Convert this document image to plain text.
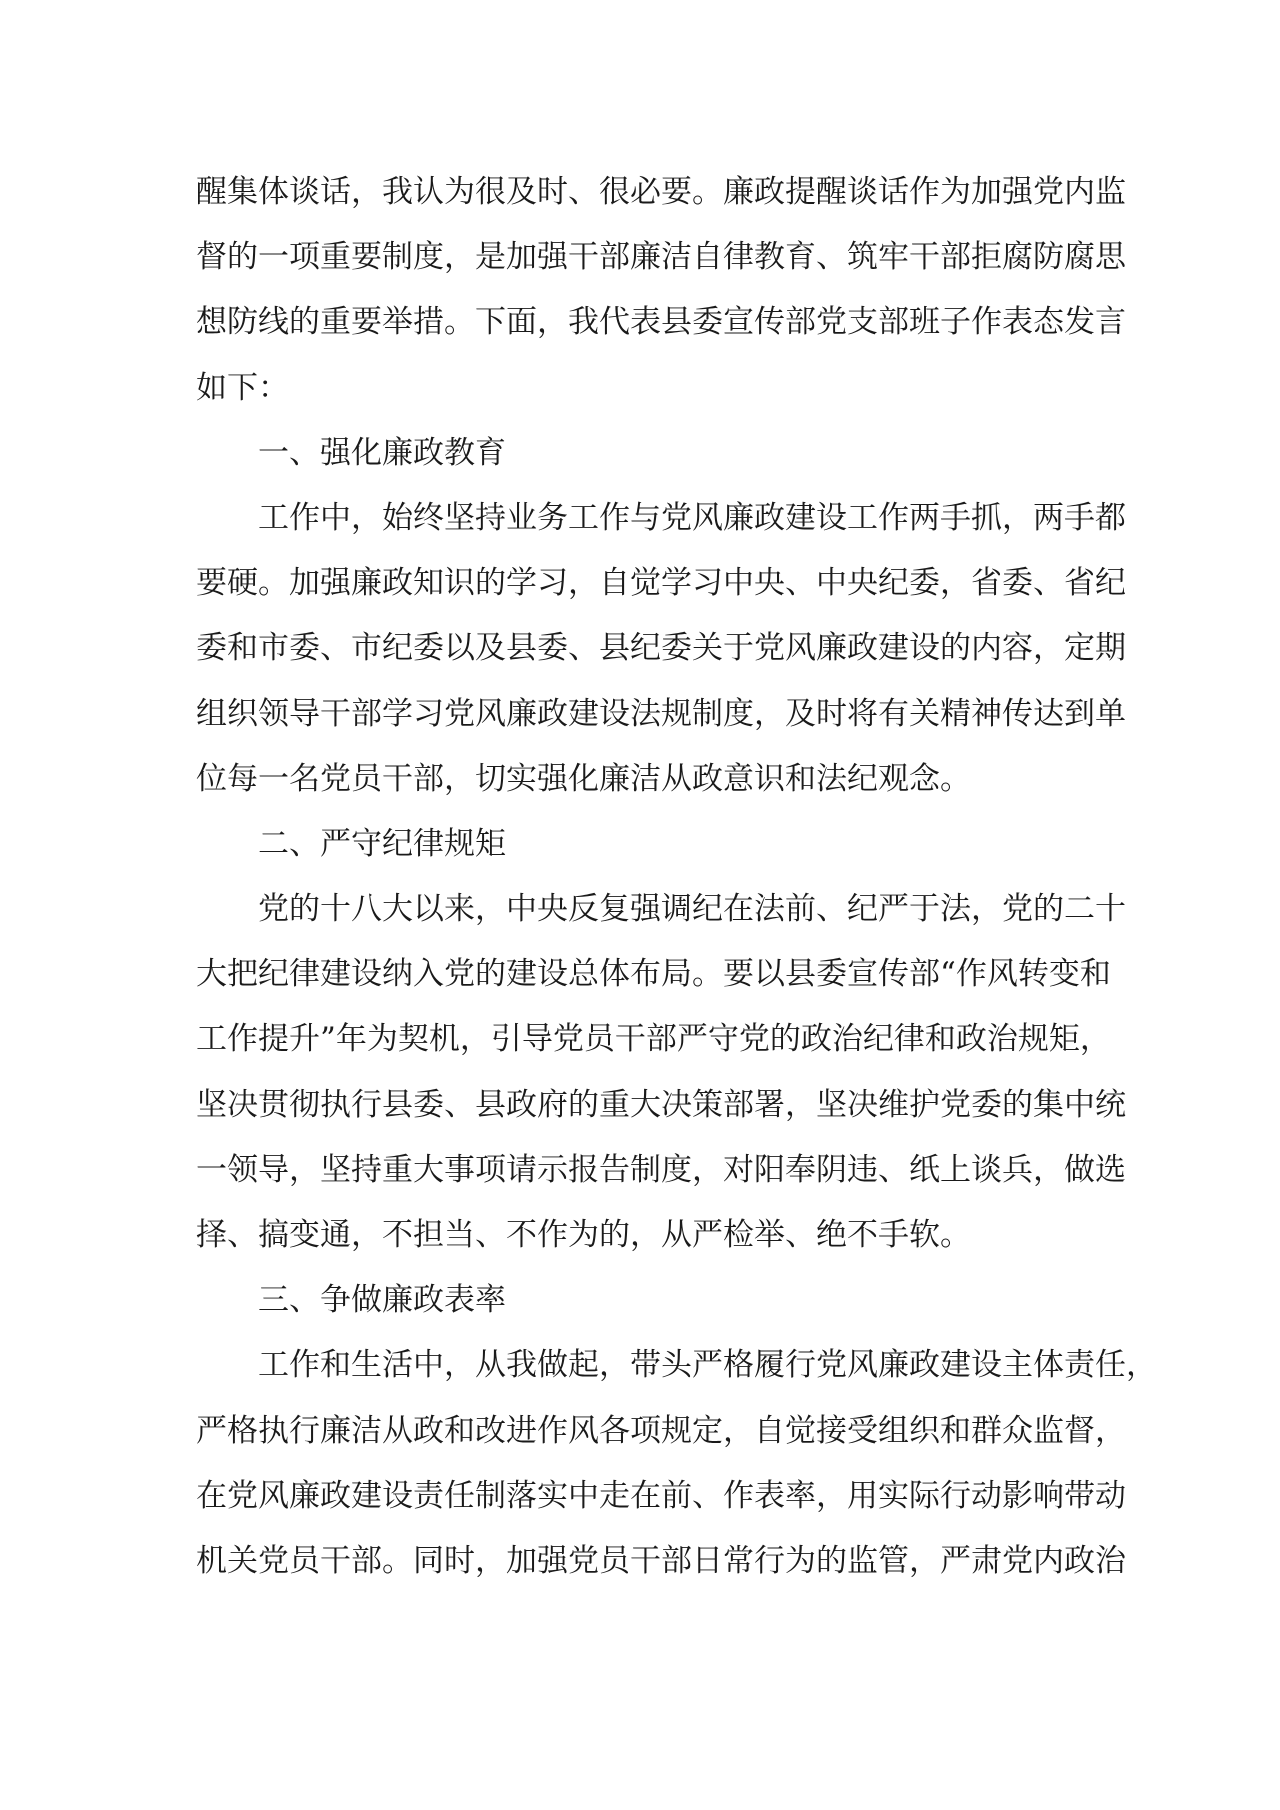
醒集体谈话，我认为很及时、很必要。廉政提醒谈话作为加强党内监
督的一项重要制度，是加强干部廉洁自律教育、筑牢干部拒腐防腐思
想防线的重要举措。下面，我代表县委宣传部党支部班子作表态发言
如下：
一、强化廉政教育
工作中，始终坚持业务工作与党风廉政建设工作两手抓，两手都
要硬。加强廉政知识的学习，自觉学习中央、中央纪委，省委、省纪
委和市委、市纪委以及县委、县纪委关于党风廉政建设的内容，定期
组织领导干部学习党风廉政建设法规制度，及时将有关精神传达到单
位每一名党员干部，切实强化廉洁从政意识和法纪观念。
二、严守纪律规矩
党的十八大以来，中央反复强调纪在法前、纪严于法，党的二十
大把纪律建设纳入党的建设总体布局。要以县委宣传部“作风转变和
工作提升”年为契机，引导党员干部严守党的政治纪律和政治规矩，
坚决贯彻执行县委、县政府的重大决策部署，坚决维护党委的集中统
一领导，坚持重大事项请示报告制度，对阳奉阴违、纸上谈兵，做选
择、搞变通，不担当、不作为的，从严检举、绝不手软。
三、争做廉政表率
工作和生活中，从我做起，带头严格履行党风廉政建设主体责任，
严格执行廉洁从政和改进作风各项规定，自觉接受组织和群众监督，
在党风廉政建设责任制落实中走在前、作表率，用实际行动影响带动
机关党员干部。同时，加强党员干部日常行为的监管，严肃党内政治
